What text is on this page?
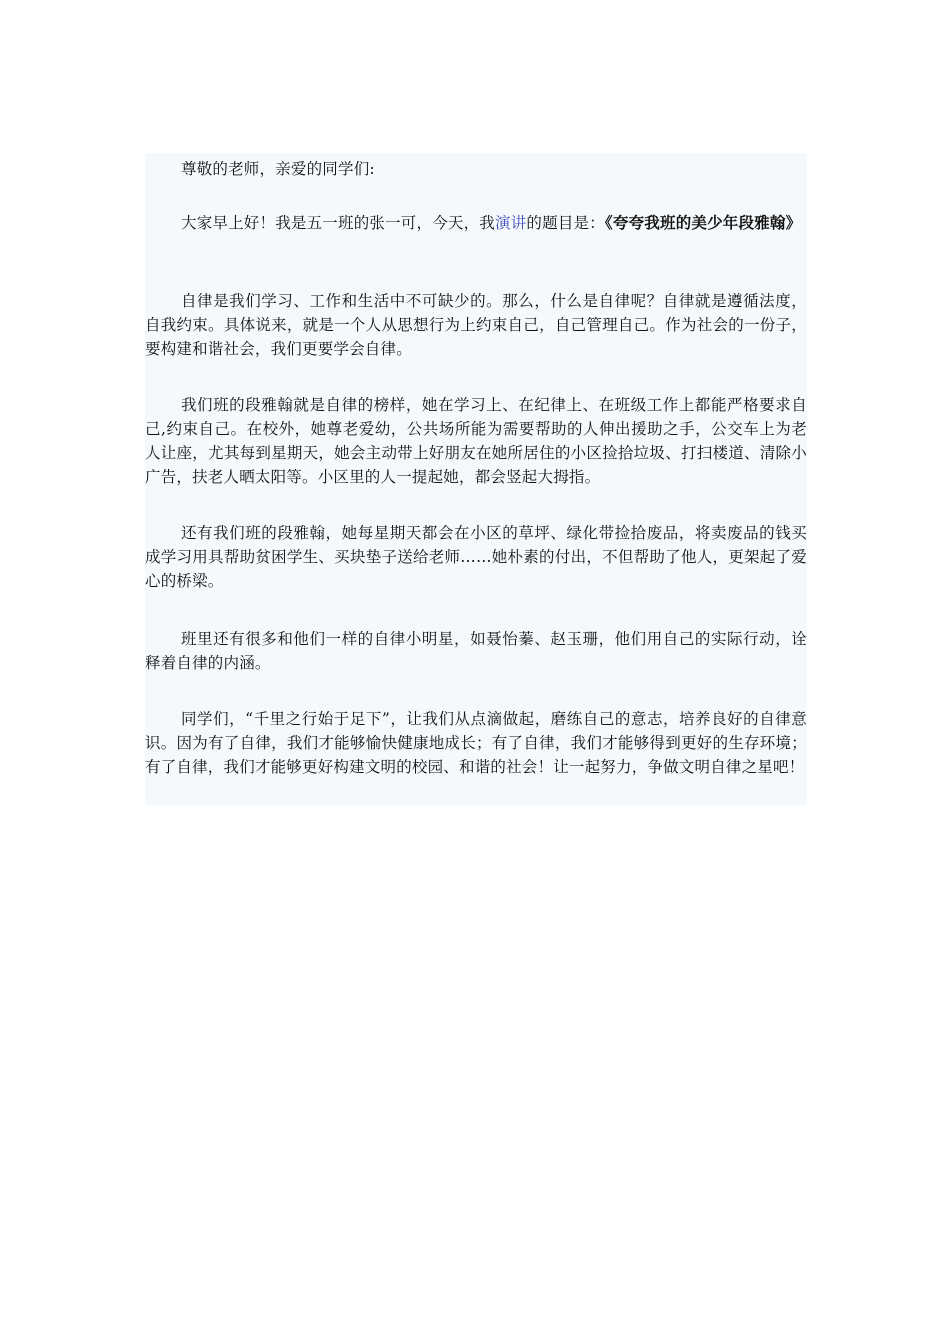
尊敬的老师，亲爱的同学们:

大家早上好！我是五一班的张一可，今天，我演讲的题目是：《夸夸我班的美少年段雅翰》

自律是我们学习、工作和生活中不可缺少的。那么，什么是自律呢？自律就是遵循法度，自我约束。具体说来，就是一个人从思想行为上约束自己，自己管理自己。作为社会的一份子，要构建和谐社会，我们更要学会自律。

我们班的段雅翰就是自律的榜样，她在学习上、在纪律上、在班级工作上都能严格要求自己,约束自己。在校外，她尊老爱幼，公共场所能为需要帮助的人伸出援助之手，公交车上为老人让座，尤其每到星期天，她会主动带上好朋友在她所居住的小区捡拾垃圾、打扫楼道、清除小广告，扶老人晒太阳等。小区里的人一提起她，都会竖起大拇指。

还有我们班的段雅翰，她每星期天都会在小区的草坪、绿化带捡拾废品，将卖废品的钱买成学习用具帮助贫困学生、买块垫子送给老师……她朴素的付出，不但帮助了他人，更架起了爱心的桥梁。

班里还有很多和他们一样的自律小明星，如聂怡蓁、赵玉珊，他们用自己的实际行动，诠释着自律的内涵。

同学们，“千里之行始于足下”，让我们从点滴做起，磨练自己的意志，培养良好的自律意识。因为有了自律，我们才能够愉快健康地成长；有了自律，我们才能够得到更好的生存环境；有了自律，我们才能够更好构建文明的校园、和谐的社会！让一起努力，争做文明自律之星吧！
